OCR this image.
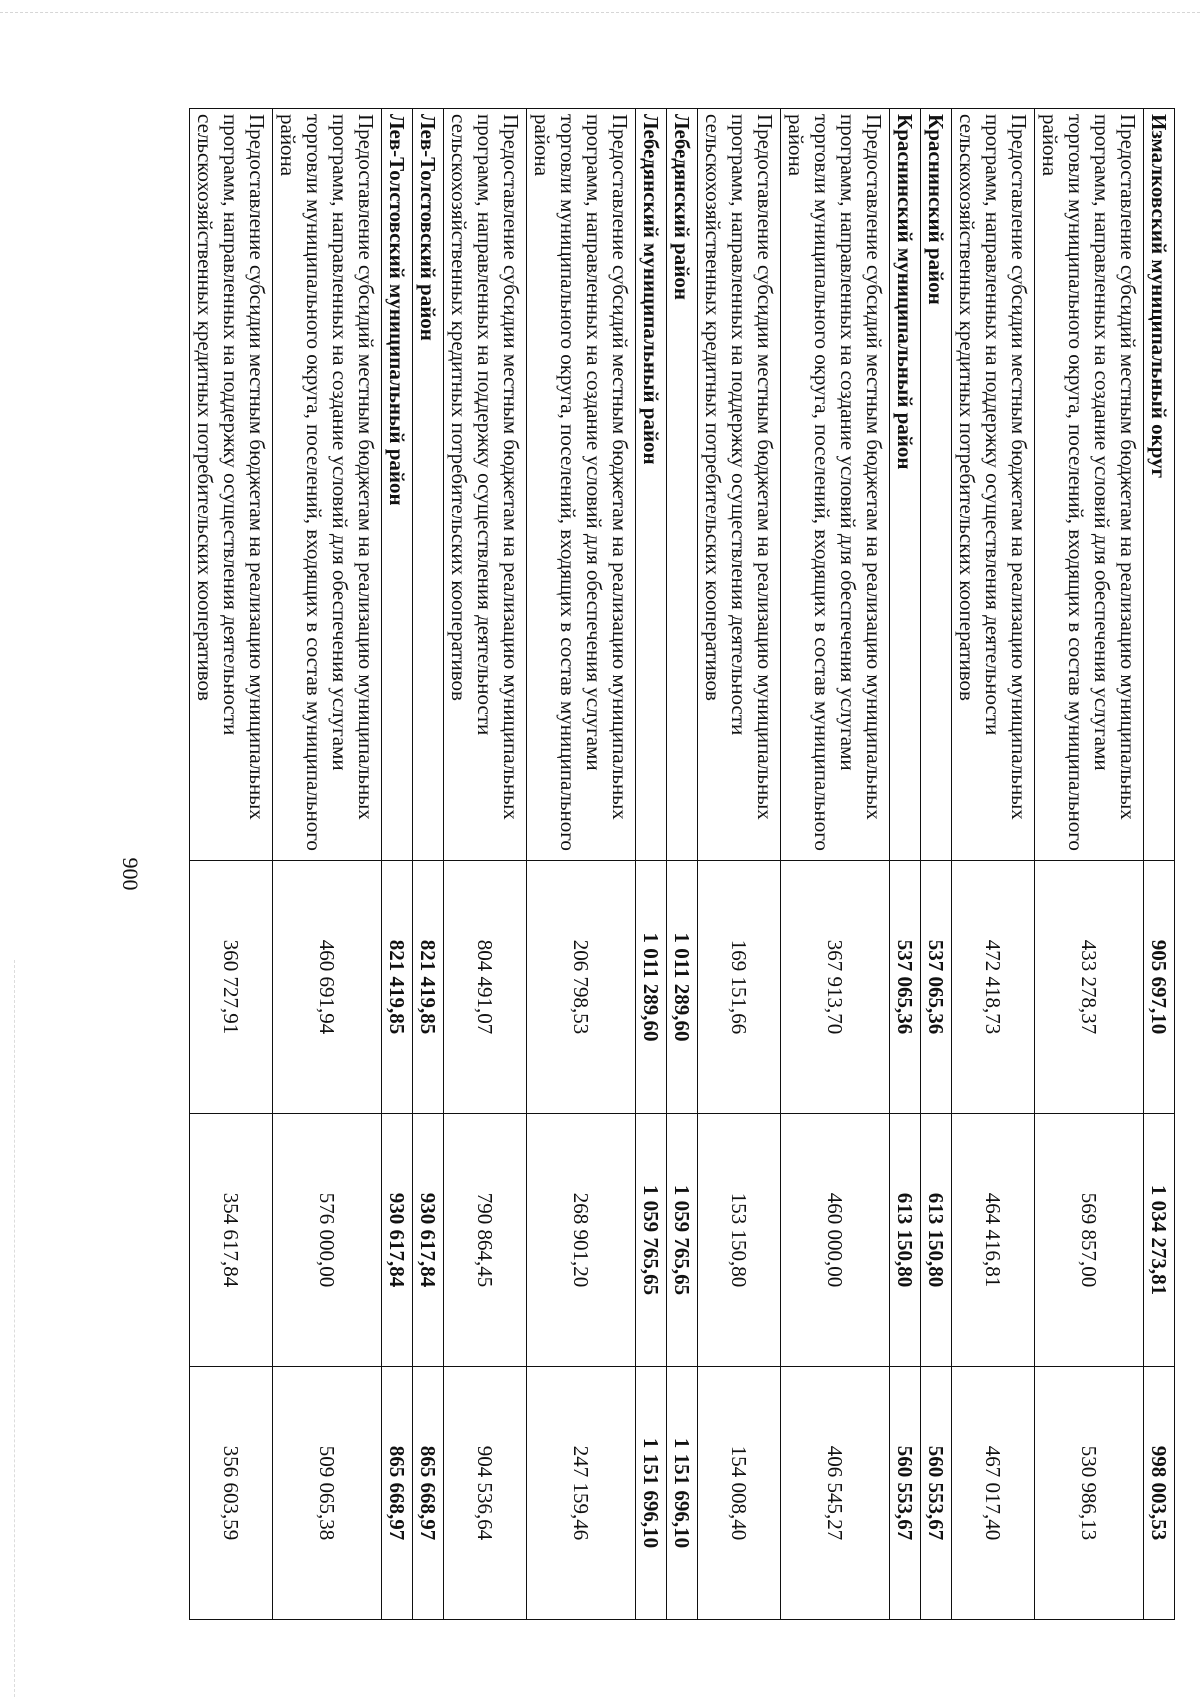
900
Измалковский муниципальный округ	905 697,10	1 034 273,81	998 003,53
Предоставление субсидий местным бюджетам на реализацию муниципальных программ, направленных на создание условий для обеспечения услугами торговли муниципального округа, поселений, входящих в состав муниципального района	433 278,37	569 857,00	530 986,13
Предоставление субсидии местным бюджетам на реализацию муниципальных программ, направленных на поддержку осуществления деятельности сельскохозяйственных кредитных потребительских кооперативов	472 418,73	464 416,81	467 017,40
Краснинский район	537 065,36	613 150,80	560 553,67
Краснинский муниципальный район	537 065,36	613 150,80	560 553,67
Предоставление субсидий местным бюджетам на реализацию муниципальных программ, направленных на создание условий для обеспечения услугами торговли муниципального округа, поселений, входящих в состав муниципального района	367 913,70	460 000,00	406 545,27
Предоставление субсидии местным бюджетам на реализацию муниципальных программ, направленных на поддержку осуществления деятельности сельскохозяйственных кредитных потребительских кооперативов	169 151,66	153 150,80	154 008,40
Лебедянский район	1 011 289,60	1 059 765,65	1 151 696,10
Лебедянский муниципальный район	1 011 289,60	1 059 765,65	1 151 696,10
Предоставление субсидий местным бюджетам на реализацию муниципальных программ, направленных на создание условий для обеспечения услугами торговли муниципального округа, поселений, входящих в состав муниципального района	206 798,53	268 901,20	247 159,46
Предоставление субсидии местным бюджетам на реализацию муниципальных программ, направленных на поддержку осуществления деятельности сельскохозяйственных кредитных потребительских кооперативов	804 491,07	790 864,45	904 536,64
Лев-Толстовский район	821 419,85	930 617,84	865 668,97
Лев-Толстовский муниципальный район	821 419,85	930 617,84	865 668,97
Предоставление субсидий местным бюджетам на реализацию муниципальных программ, направленных на создание условий для обеспечения услугами торговли муниципального округа, поселений, входящих в состав муниципального района	460 691,94	576 000,00	509 065,38
Предоставление субсидии местным бюджетам на реализацию муниципальных программ, направленных на поддержку осуществления деятельности сельскохозяйственных кредитных потребительских кооперативов	360 727,91	354 617,84	356 603,59
